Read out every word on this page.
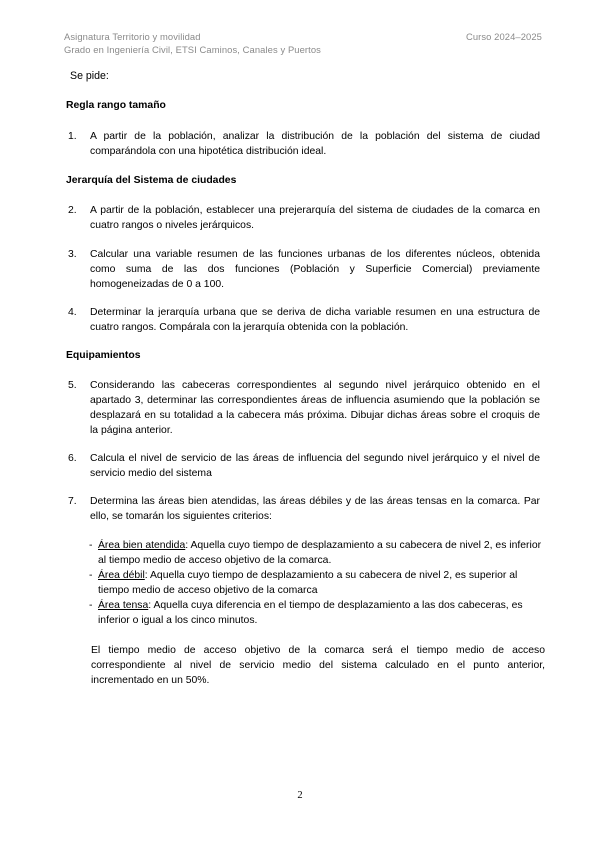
Asignatura Territorio y movilidad
Grado en Ingeniería Civil, ETSI Caminos, Canales y Puertos
Curso 2024–2025
Se pide:
Regla rango tamaño
1.	A partir de la población, analizar la distribución de la población del sistema de ciudad comparándola con una hipotética distribución ideal.
Jerarquía del Sistema de ciudades
2.	A partir de la población, establecer una prejerarquía del sistema de ciudades de la comarca en cuatro rangos o niveles jerárquicos.
3.	Calcular una variable resumen de las funciones urbanas de los diferentes núcleos, obtenida como suma de las dos funciones (Población y Superficie Comercial) previamente homogeneizadas de 0 a 100.
4.	Determinar la jerarquía urbana que se deriva de dicha variable resumen en una estructura de cuatro rangos. Compárala con la jerarquía obtenida con la población.
Equipamientos
5.	Considerando las cabeceras correspondientes al segundo nivel jerárquico obtenido en el apartado 3, determinar las correspondientes áreas de influencia asumiendo que la población se desplazará en su totalidad a la cabecera más próxima. Dibujar dichas áreas sobre el croquis de la página anterior.
6.	Calcula el nivel de servicio de las áreas de influencia del segundo nivel jerárquico y el nivel de servicio medio del sistema
7.	Determina las áreas bien atendidas, las áreas débiles y de las áreas tensas en la comarca. Par ello, se tomarán los siguientes criterios:
- Área bien atendida: Aquella cuyo tiempo de desplazamiento a su cabecera de nivel 2, es inferior al tiempo medio de acceso objetivo de la comarca.
- Área débil: Aquella cuyo tiempo de desplazamiento a su cabecera de nivel 2, es superior al tiempo medio de acceso objetivo de la comarca
- Área tensa: Aquella cuya diferencia en el tiempo de desplazamiento a las dos cabeceras, es inferior o igual a los cinco minutos.
El tiempo medio de acceso objetivo de la comarca será el tiempo medio de acceso correspondiente al nivel de servicio medio del sistema calculado en el punto anterior, incrementado en un 50%.
2
